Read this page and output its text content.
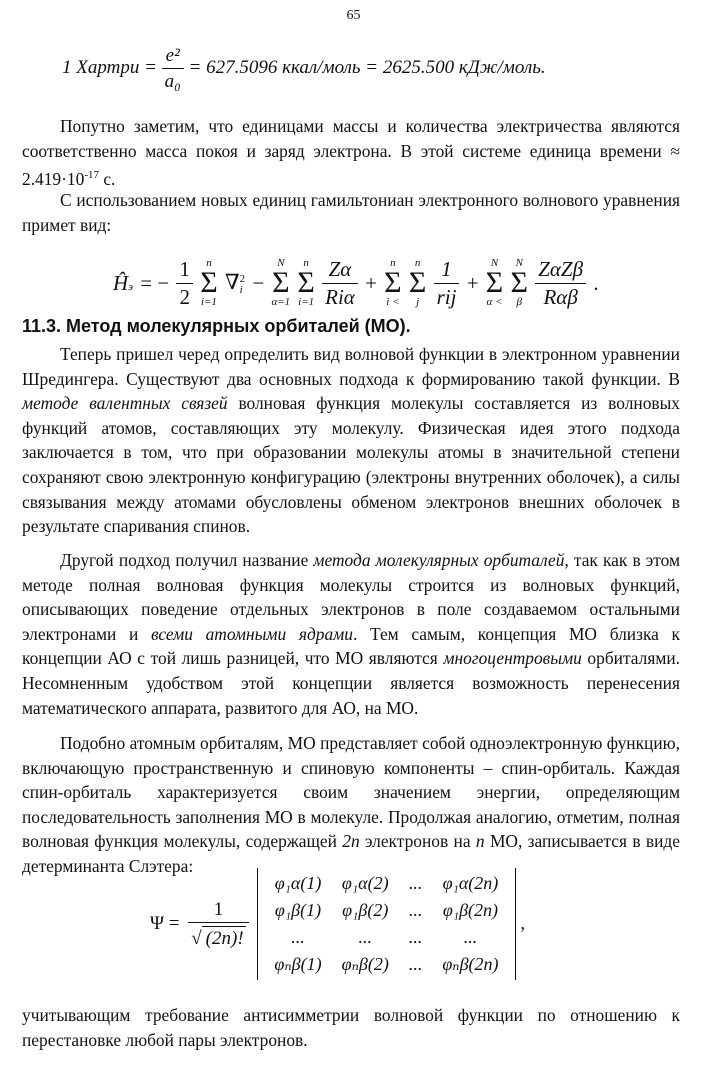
65
1 Хартри = $\frac{\text{e²}}{\text{a₀}} = 627.5096$ ккал/моль = 2625.500 кДж/моль.

Попутно заметим, что единицами массы и количества электричества являются соответственно масса покоя и заряд электрона. В этой системе единица времени ≈ $2.419\cdot 10^{-17}$ с.

С использованием новых единиц гамильтониан электронного волнового уравнения примет вид:

Ĥэ = − $\frac{1}{2}$
	n
Σ
i=1
∇ 2
i −
N
Σ
α=1

n
Σ
i=1
$\frac{Z\alpha}{\text{Riα}}$ +
n
Σ
i <

n
Σ
j
$\frac{1}{\text{rij}}$ +
N
Σ
α <

N
Σ
β
$\frac{\text{ZαZβ}}{\text{Rαβ}}$ .
11.3. Метод молекулярных орбиталей (МО).

Теперь пришел черед определить вид волновой функции в электронном уравнении Шредингера. Существуют два основных подхода к формированию такой функции. В методе валентных связей волновая функция молекулы составляется из волновых функций атомов, составляющих эту молекулу. Физическая идея этого подхода заключается в том, что при образовании молекулы атомы в значительной степени сохраняют свою электронную конфигурацию (электроны внутренних оболочек), а силы связывания между атомами обусловлены обменом электронов внешних оболочек в результате спаривания спинов.

Другой подход получил название метода молекулярных орбиталей, так как в этом методе полная волновая функция молекулы строится из волновых функций, описывающих поведение отдельных электронов в поле создаваемом остальными электронами и всеми атомными ядрами. Тем самым, концепция МО близка к концепции АО с той лишь разницей, что МО являются многоцентровыми орбиталями. Несомненным удобством этой концепции является возможность перенесения математического аппарата, развитого для АО, на МО.

Подобно атомным орбиталям, МО представляет собой одноэлектронную функцию, включающую пространственную и спиновую компоненты – спин-орбиталь. Каждая спин-орбиталь характеризуется своим значением энергии, определяющим последовательность заполнения МО в молекуле. Продолжая аналогию, отметим, полная волновая функция молекулы, содержащей 2n электронов на n МО, записывается в виде детерминанта Слэтера:

$\Psi = \frac{1}{√ (2n)!}$

φ₁α(1)	φ₁α(2)	...	φ₁α(2n)
φ₁β(1)	φ₁β(2)	...	φ₁β(2n)
...	...	...	...
φₙβ(1)	φₙβ(2)	...	φₙβ(2n)
,

учитывающим требование антисимметрии волновой функции по отношению к перестановке любой пары электронов.
